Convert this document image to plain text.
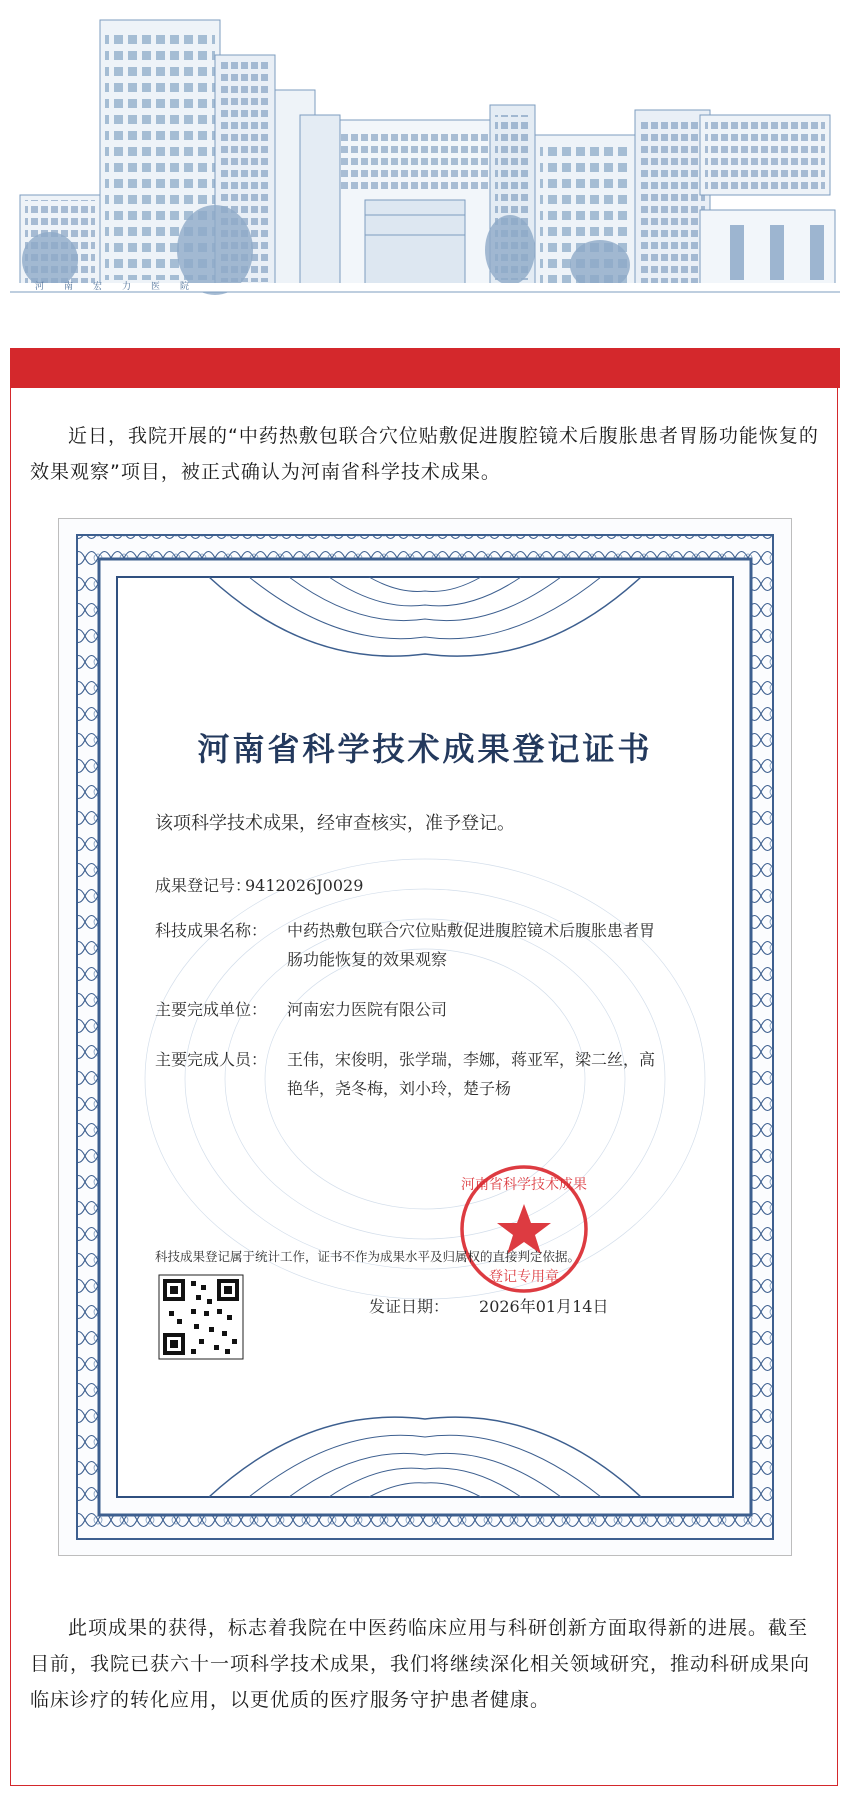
河南宏力医院

近日，我院开展的“中药热敷包联合穴位贴敷促进腹腔镜术后腹胀患者胃肠功能恢复的效果观察”项目，被正式确认为河南省科学技术成果。

登记专用章
河南省科学技术成果
河南省科学技术成果登记证书
该项科学技术成果，经审查核实，准予登记。
成果登记号：
9412026J0029
科技成果名称： 中药热敷包联合穴位贴敷促进腹腔镜术后腹胀患者胃肠功能恢复的效果观察
主要完成单位： 河南宏力医院有限公司
主要完成人员： 王伟，宋俊明，张学瑞，李娜，蒋亚军，梁二丝，高艳华，尧冬梅，刘小玲，楚子杨
科技成果登记属于统计工作，证书不作为成果水平及归属权的直接判定依据。
发证日期： 2026年01月14日

此项成果的获得，标志着我院在中医药临床应用与科研创新方面取得新的进展。截至目前，我院已获六十一项科学技术成果，我们将继续深化相关领域研究，推动科研成果向临床诊疗的转化应用，以更优质的医疗服务守护患者健康。
